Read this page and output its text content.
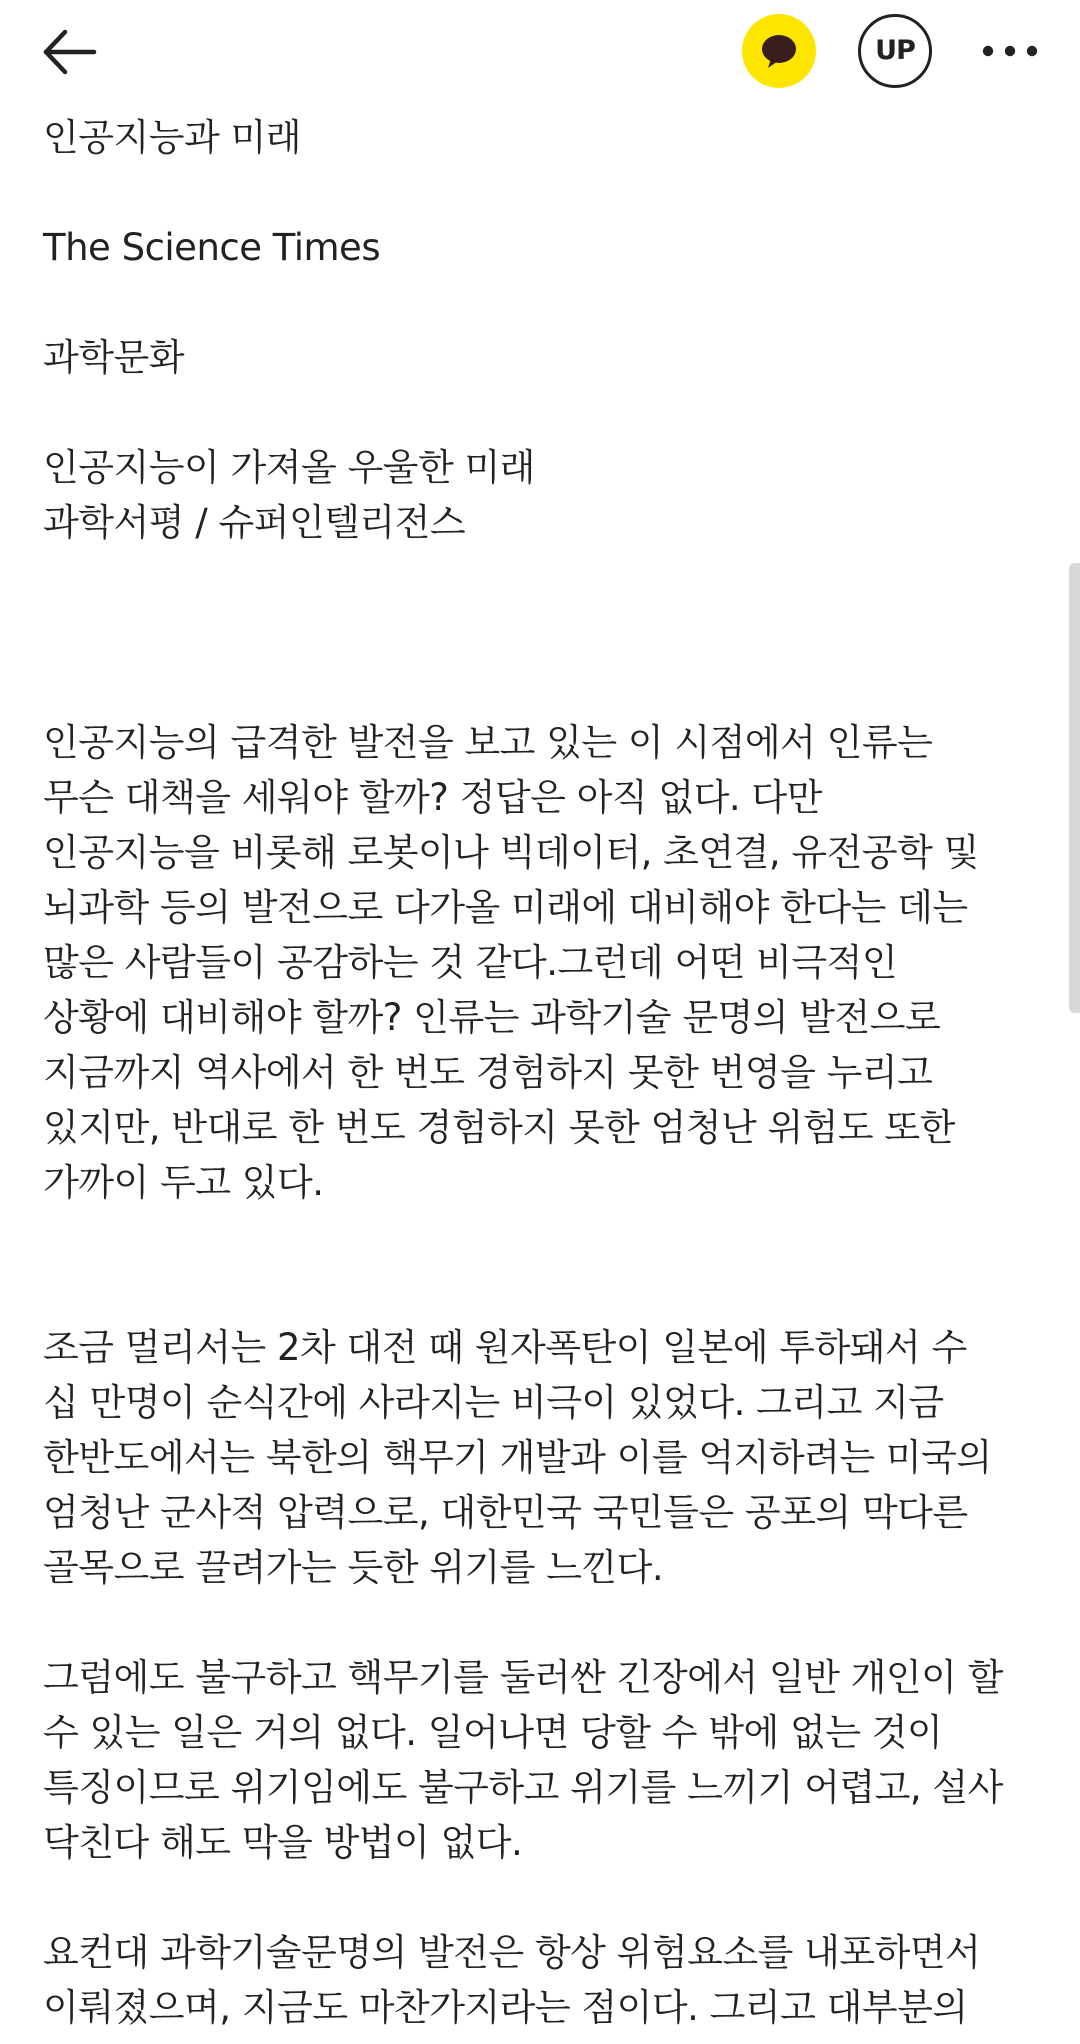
UP
인공지능과 미래
The Science Times
과학문화
인공지능이 가져올 우울한 미래
과학서평 / 슈퍼인텔리전스
인공지능의 급격한 발전을 보고 있는 이 시점에서 인류는
무슨 대책을 세워야 할까? 정답은 아직 없다. 다만
인공지능을 비롯해 로봇이나 빅데이터, 초연결, 유전공학 및
뇌과학 등의 발전으로 다가올 미래에 대비해야 한다는 데는
많은 사람들이 공감하는 것 같다.그런데 어떤 비극적인
상황에 대비해야 할까? 인류는 과학기술 문명의 발전으로
지금까지 역사에서 한 번도 경험하지 못한 번영을 누리고
있지만, 반대로 한 번도 경험하지 못한 엄청난 위험도 또한
가까이 두고 있다.
조금 멀리서는 2차 대전 때 원자폭탄이 일본에 투하돼서 수
십 만명이 순식간에 사라지는 비극이 있었다. 그리고 지금
한반도에서는 북한의 핵무기 개발과 이를 억지하려는 미국의
엄청난 군사적 압력으로, 대한민국 국민들은 공포의 막다른
골목으로 끌려가는 듯한 위기를 느낀다.
그럼에도 불구하고 핵무기를 둘러싼 긴장에서 일반 개인이 할
수 있는 일은 거의 없다. 일어나면 당할 수 밖에 없는 것이
특징이므로 위기임에도 불구하고 위기를 느끼기 어렵고, 설사
닥친다 해도 막을 방법이 없다.
요컨대 과학기술문명의 발전은 항상 위험요소를 내포하면서
이뤄졌으며, 지금도 마찬가지라는 점이다. 그리고 대부분의
